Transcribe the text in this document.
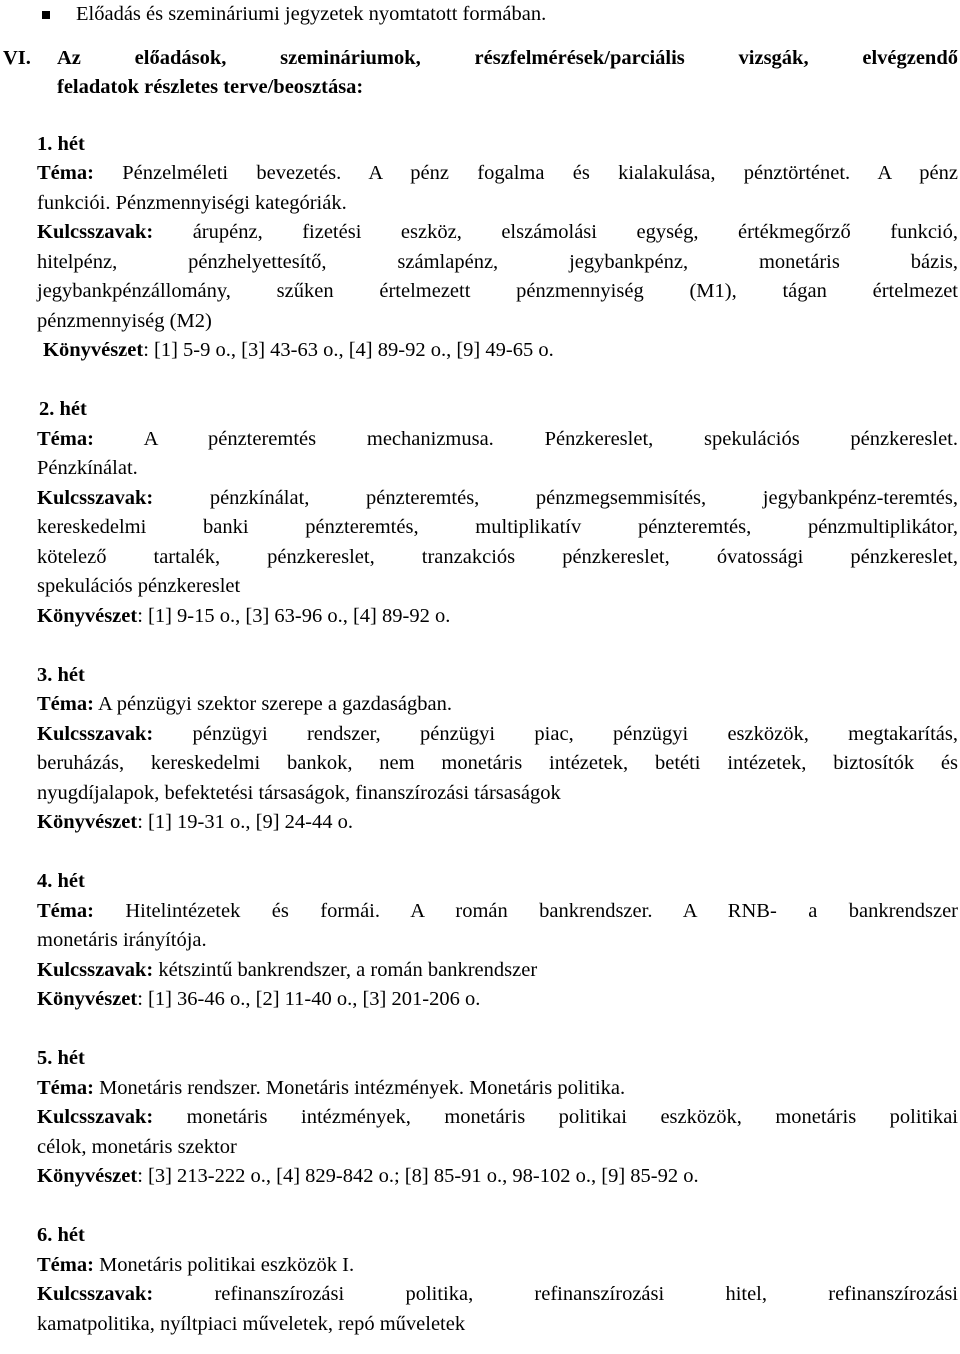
Előadás és szemináriumi jegyzetek nyomtatott formában.
VI. Az előadások, szemináriumok, részfelmérések/parciális vizsgák, elvégzendő
feladatok részletes terve/beosztása:
1. hét
Téma: Pénzelméleti bevezetés. A pénz fogalma és kialakulása, pénztörténet. A pénz
funkciói. Pénzmennyiségi kategóriák.
Kulcsszavak: árupénz, fizetési eszköz, elszámolási egység, értékmegőrző funkció,
hitelpénz, pénzhelyettesítő, számlapénz, jegybankpénz, monetáris bázis,
jegybankpénzállomány, szűken értelmezett pénzmennyiség (M1), tágan értelmezet
pénzmennyiség (M2)
Könyvészet: [1] 5-9 o., [3] 43-63 o., [4] 89-92 o., [9] 49-65 o.
2. hét
Téma: A pénzteremtés mechanizmusa. Pénzkereslet, spekulációs pénzkereslet.
Pénzkínálat.
Kulcsszavak:	pénzkínálat, pénzteremtés, pénzmegsemmisítés, jegybankpénz-teremtés,
kereskedelmi banki pénzteremtés, multiplikatív pénzteremtés, pénzmultiplikátor,
kötelező tartalék, pénzkereslet, tranzakciós pénzkereslet, óvatossági pénzkereslet,
spekulációs pénzkereslet
Könyvészet: [1] 9-15 o., [3] 63-96 o., [4] 89-92 o.
3. hét
Téma: A pénzügyi szektor szerepe a gazdaságban.
Kulcsszavak: pénzügyi rendszer, pénzügyi piac, pénzügyi eszközök, megtakarítás,
beruházás, kereskedelmi bankok, nem monetáris intézetek, betéti intézetek, biztosítók és
nyugdíjalapok, befektetési társaságok, finanszírozási társaságok
Könyvészet: [1] 19-31 o., [9] 24-44 o.
4. hét
Téma: Hitelintézetek és formái. A román bankrendszer. A RNB- a bankrendszer
monetáris irányítója.
Kulcsszavak: kétszintű bankrendszer, a román bankrendszer
Könyvészet: [1] 36-46 o., [2] 11-40 o., [3] 201-206 o.
5. hét
Téma: Monetáris rendszer. Monetáris intézmények. Monetáris politika.
Kulcsszavak: monetáris intézmények, monetáris politikai eszközök, monetáris politikai
célok, monetáris szektor
Könyvészet: [3] 213-222 o., [4] 829-842 o.; [8] 85-91 o., 98-102 o., [9] 85-92 o.
6. hét
Téma: Monetáris politikai eszközök I.
Kulcsszavak:	refinanszírozási politika, refinanszírozási hitel, refinanszírozási
kamatpolitika, nyíltpiaci műveletek, repó műveletek
